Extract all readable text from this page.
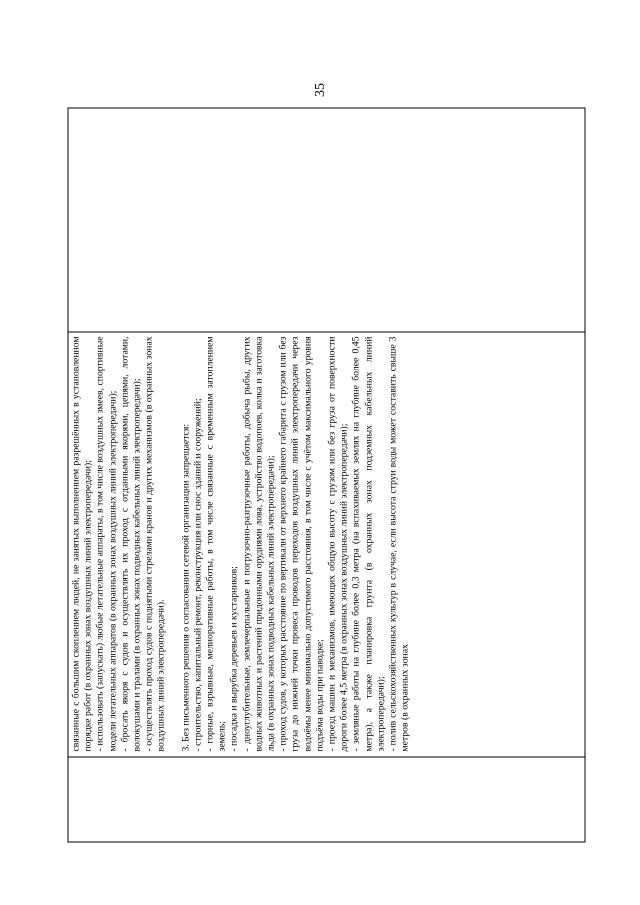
35

связанные с большим скоплением людей, не занятых выполнением разрешённых в установленном порядке работ (в охранных зонах воздушных линий электропередачи); - использовать (запускать) любые летательные аппараты, в том числе воздушных змеев, спортивные модели летательных аппаратов (в охранных зонах воздушных линий электропередачи); - бросать якоря с судов и осуществлять их проход с отданными якорями, цепями, лотами, волокушами и тралами (в охранных зонах подводных кабельных линий электропередачи); - осуществлять проход судов с поднятыми стрелами кранов и других механизмов (в охранных зонах воздушных линий электропередачи). 3. Без письменного решения о согласовании сетевой организации запрещается: - строительство, капитальный ремонт, реконструкция или снос зданий и сооружений; - горные, взрывные, мелиоративные работы, в том числе связанные с временным затоплением земель; - посадка и вырубка деревьев и кустарников; - дноуглубительные, землечерпальные и погрузочно-разгрузочные работы, добыча рыбы, других водных животных и растений придонными орудиями лова, устройство водопоев, колка и заготовка льда (в охранных зонах подводных кабельных линий электропередачи); - проход судов, у которых расстояние по вертикали от верхнего крайнего габарита с грузом или без груза до нижней точки провеса проводов переходов воздушных линий электропередачи через водоёмы менее минимально допустимого расстояния, в том числе с учётом максимального уровня подъёма воды при паводке; - проезд машин и механизмов, имеющих общую высоту с грузом или без груза от поверхности дороги более 4,5 метра (в охранных зонах воздушных линий электропередачи); - земляные работы на глубине более 0,3 метра (на вспахиваемых землях на глубине более 0,45 метра), а также планировка грунта (в охранных зонах подземных кабельных линий электропередачи); - полив сельскохозяйственных культур в случае, если высота струи воды может составить свыше 3 метров (в охранных зонах
